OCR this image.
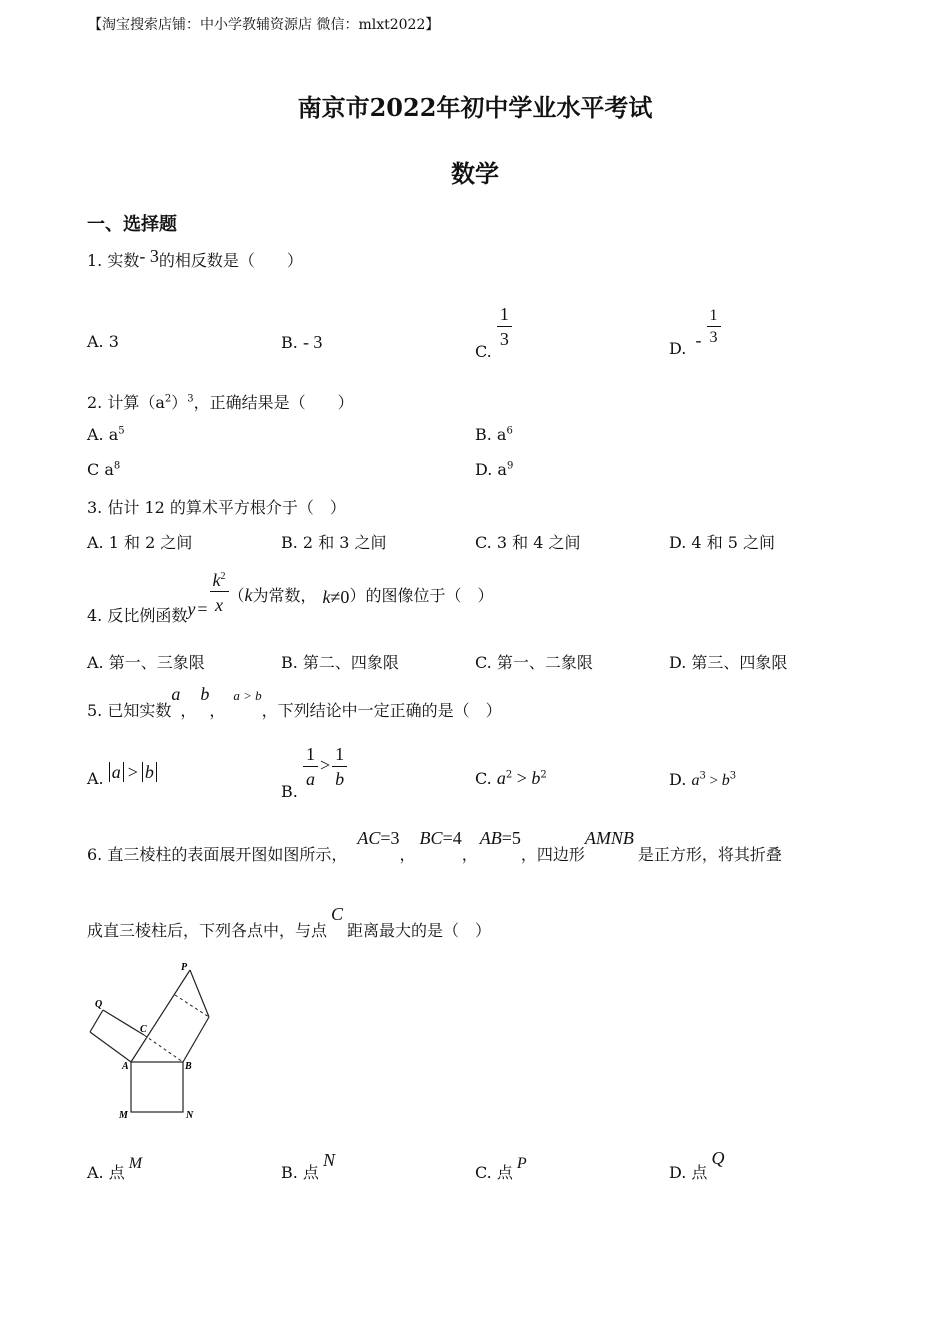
【淘宝搜索店铺：中小学教辅资源店 微信：mlxt2022】
南京市2022年初中学业水平考试
数学
一、选择题
1. 实数- 3的相反数是（　　）
A. 3	B. - 3	C.
$\frac{1}{3}$	D. - $\frac{1}{3}$
2. 计算$(a^2)^3$，正确结果是（　　）
A. $a^5$	B. $a^6$
C $a^8$	D. $a^9$
3. 估计 12 的算术平方根介于（　）
A. 1 和 2 之间	B. 2 和 3 之间	C. 3 和 4 之间	D. 4 和 5 之间
4. 反比例函数$y = \frac{k^2}{x} (k$为常数， k≠0）的图像位于（　）
A. 第一、三象限	B. 第二、四象限	C. 第一、二象限	D. 第三、四象限
5. 已知实数a，b，a > b，下列结论中一定正确的是（　）
A. a > b
B.
$\frac{1}{a} > \frac{1}{b}$	C. $a^2 > b^2$	D. $a^3 > b^3$
6. 直三棱柱的表面展开图如图所示，AC=3，BC=4，AB=5，四边形AMNB是正方形，将其折叠
成直三棱柱后，下列各点中，与点C距离最大的是（　）
P
Q
C
A	B
M	N
A. 点 M	B. 点N
C. 点 P	D. 点Q
